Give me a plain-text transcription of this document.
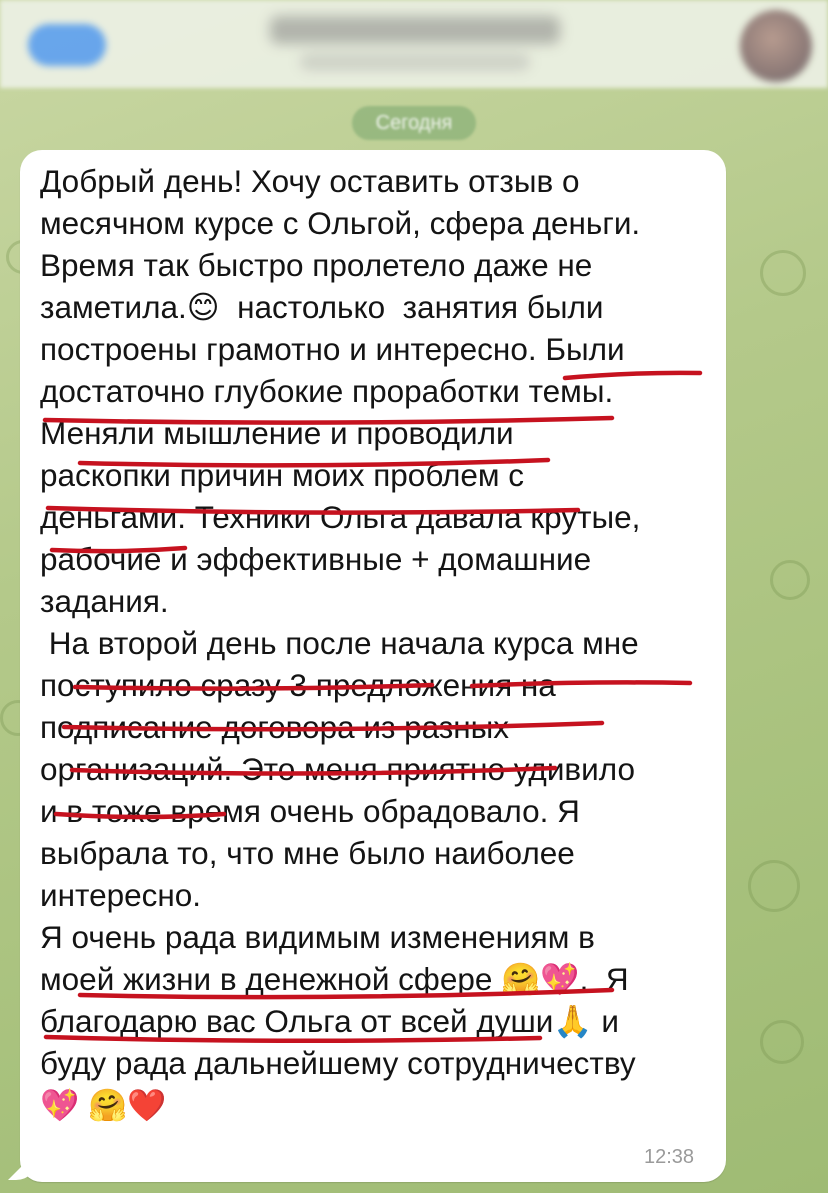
Сегодня

Добрый день! Хочу оставить отзыв о
месячном курсе с Ольгой, сфера деньги.
Время так быстро пролетело даже не
заметила.😊  настолько  занятия были
построены грамотно и интересно. Были
достаточно глубокие проработки темы.
Меняли мышление и проводили
раскопки причин моих проблем с
деньгами. Техники Ольга давала крутые,
рабочие и эффективные + домашние
задания.
На второй день после начала курса мне
поступило сразу 3 предложения на
подписание договора из разных
организаций. Это меня приятно удивило
и в тоже время очень обрадовало. Я
выбрала то, что мне было наиболее
интересно.
Я очень рада видимым изменениям в
моей жизни в денежной сфере 🤗💖.  Я
благодарю вас Ольга от всей души🙏 и
буду рада дальнейшему сотрудничеству
💖 🤗❤️

12:38
